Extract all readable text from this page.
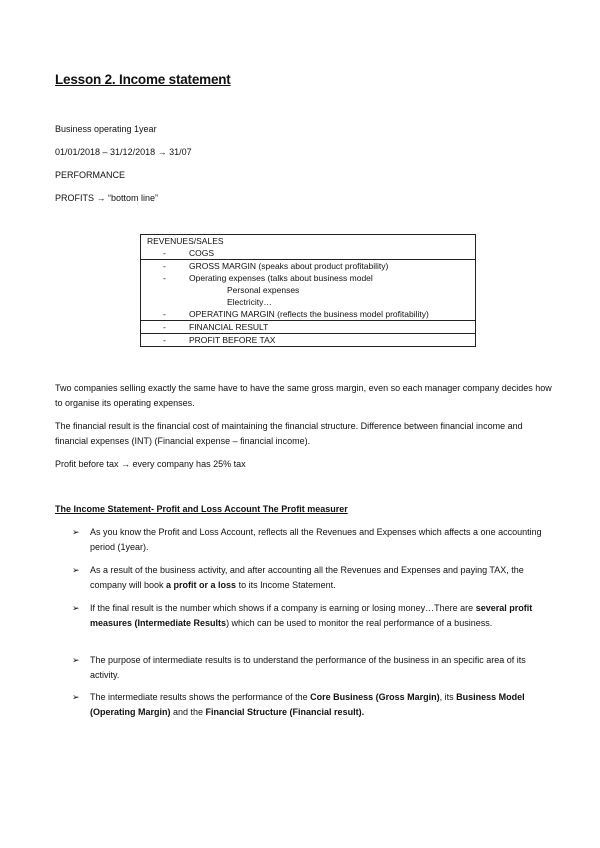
Lesson 2. Income statement
Business operating 1year
01/01/2018 – 31/12/2018 → 31/07
PERFORMANCE
PROFITS → “bottom line”
REVENUES/SALES
-	COGS
-	GROSS MARGIN (speaks about product profitability)
-	Operating expenses (talks about business model
Personal expenses
Electricity…
-	OPERATING MARGIN (reflects the business model profitability)
-	FINANCIAL RESULT
-	PROFIT BEFORE TAX
Two companies selling exactly the same have to have the same gross margin, even so each manager company decides how to organise its operating expenses.
The financial result is the financial cost of maintaining the financial structure. Difference between financial income and financial expenses (INT) (Financial expense – financial income).
Profit before tax → every company has 25% tax
The Income Statement- Profit and Loss Account The Profit measurer
➢	As you know the Profit and Loss Account, reflects all the Revenues and Expenses which affects a one accounting period (1year).
➢	As a result of the business activity, and after accounting all the Revenues and Expenses and paying TAX, the company will book a profit or a loss to its Income Statement.
➢	If the final result is the number which shows if a company is earning or losing money…There are several profit measures (Intermediate Results) which can be used to monitor the real performance of a business.
➢	The purpose of intermediate results is to understand the performance of the business in an specific area of its activity.
➢	The intermediate results shows the performance of the Core Business (Gross Margin), its Business Model (Operating Margin) and the Financial Structure (Financial result).
